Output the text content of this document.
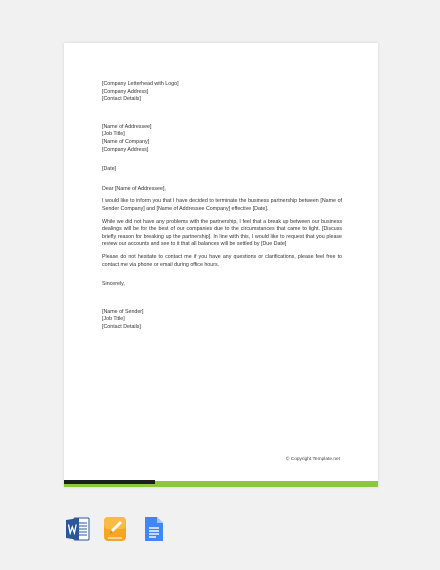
[Company Letterhead with Logo]
[Company Address]
[Contact Details]
[Name of Addressee]
[Job Title]
[Name of Company]
[Company Address]
[Date]
Dear [Name of Addressee],

I would like to inform you that I have decided to terminate the business partnership between [Name of Sender Company] and [Name of Addressee Company] effective [Date].

While we did not have any problems with the partnership, I feel that a break up between our business dealings will be for the best of our companies due to the circumstances that came to light. [Discuss briefly reason for breaking up the partnership]. In line with this, I would like to request that you please review our accounts and see to it that all balances will be settled by [Due Date]

Please do not hesitate to contact me if you have any questions or clarifications, please feel free to contact me via phone or email during office hours.

Sincerely,
[Name of Sender]
[Job Title]
[Contact Details]
© Copyright Template.net
